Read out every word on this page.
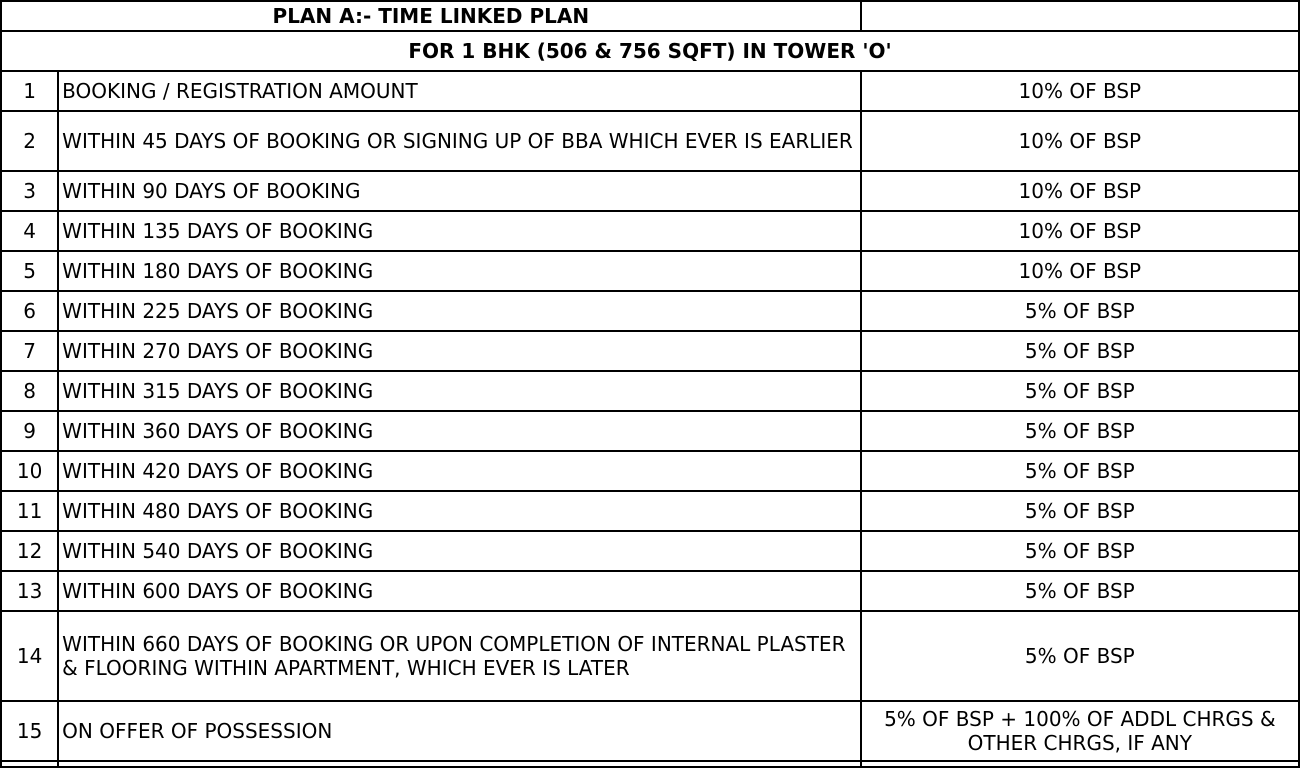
PLAN A:- TIME LINKED PLAN		
FOR 1 BHK (506 & 756 SQFT) IN TOWER 'O'		
1	BOOKING / REGISTRATION AMOUNT	10% OF BSP
2	WITHIN 45 DAYS OF BOOKING OR SIGNING UP OF BBA WHICH EVER IS EARLIER	10% OF BSP
3	WITHIN 90 DAYS OF BOOKING	10% OF BSP
4	WITHIN 135 DAYS OF BOOKING	10% OF BSP
5	WITHIN 180 DAYS OF BOOKING	10% OF BSP
6	WITHIN 225 DAYS OF BOOKING	5% OF BSP
7	WITHIN 270 DAYS OF BOOKING	5% OF BSP
8	WITHIN 315 DAYS OF BOOKING	5% OF BSP
9	WITHIN 360 DAYS OF BOOKING	5% OF BSP
10	WITHIN 420 DAYS OF BOOKING	5% OF BSP
11	WITHIN 480 DAYS OF BOOKING	5% OF BSP
12	WITHIN 540 DAYS OF BOOKING	5% OF BSP
13	WITHIN 600 DAYS OF BOOKING	5% OF BSP
14	WITHIN 660 DAYS OF BOOKING OR UPON COMPLETION OF INTERNAL PLASTER & FLOORING WITHIN APARTMENT, WHICH EVER IS LATER	5% OF BSP
15	ON OFFER OF POSSESSION	5% OF BSP + 100% OF ADDL CHRGS & OTHER CHRGS, IF ANY
